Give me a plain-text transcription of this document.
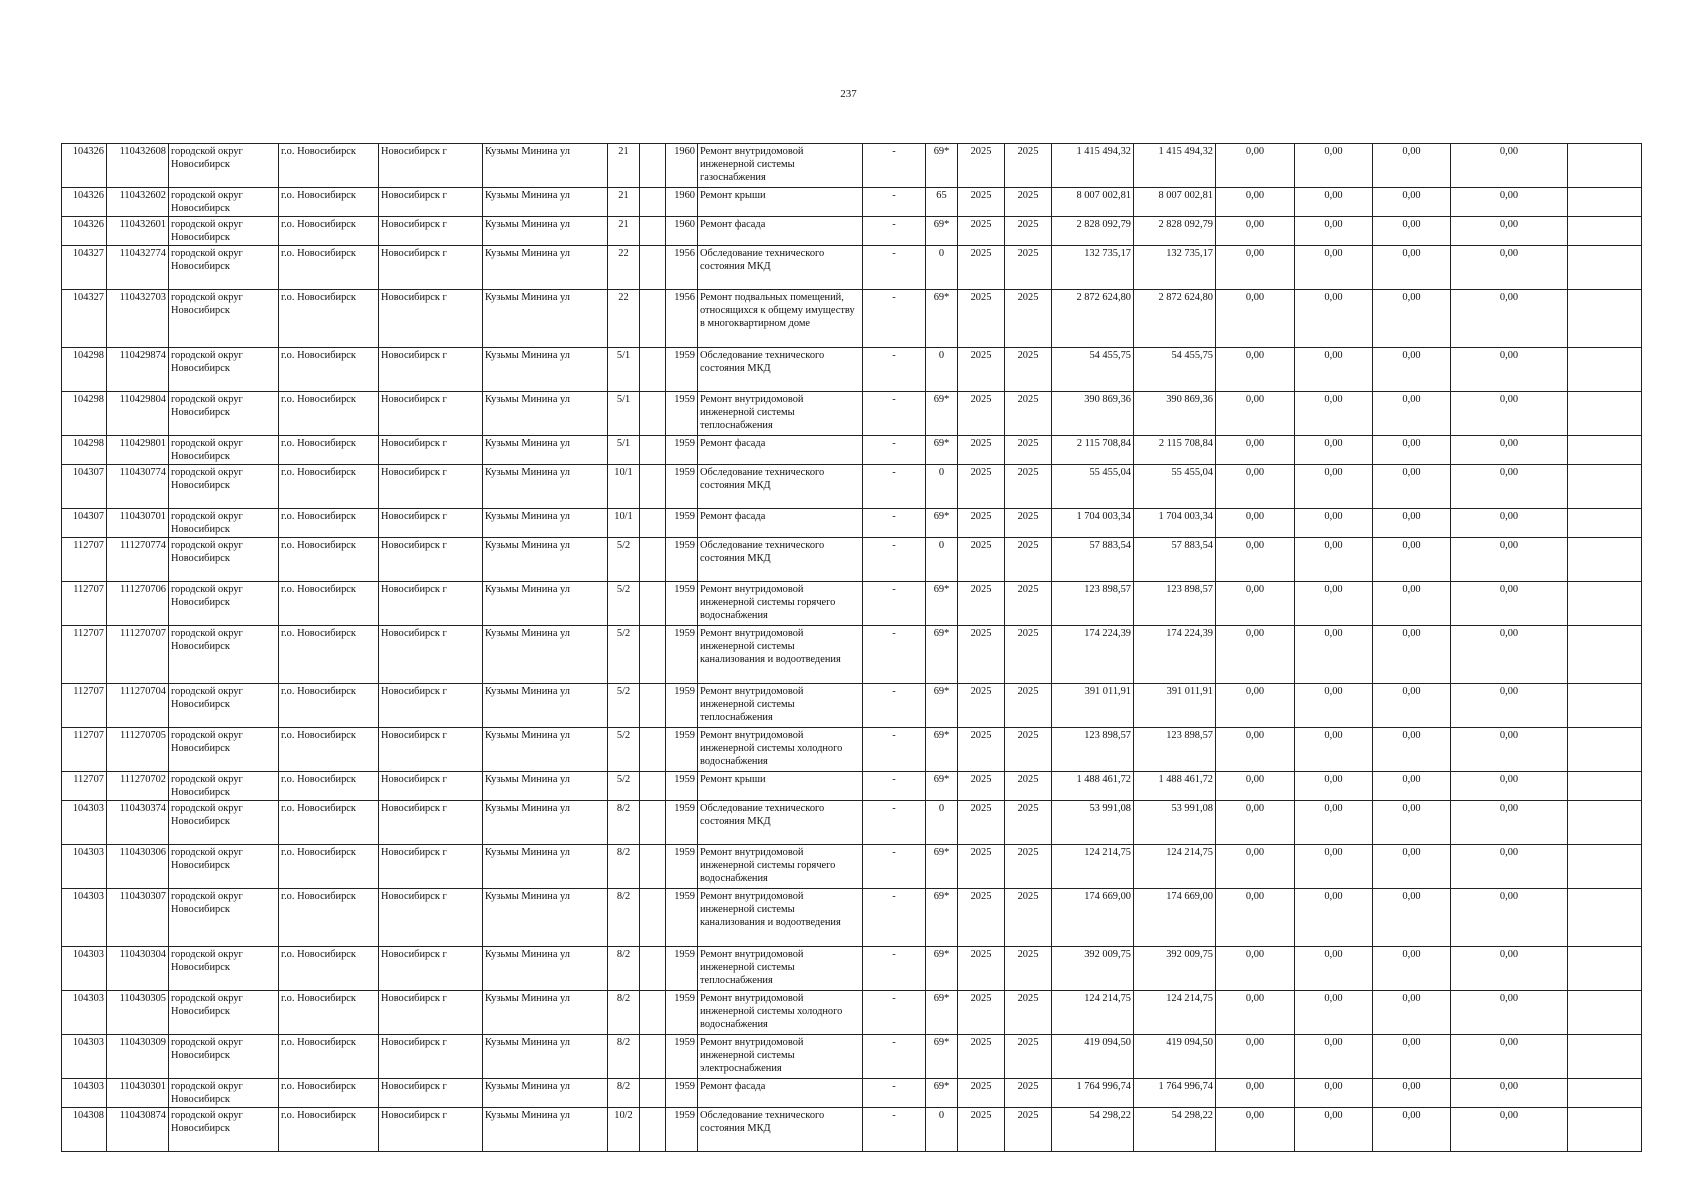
237
104326	110432608	городской округ Новосибирск	г.о. Новосибирск	Новосибирск г	Кузьмы Минина ул	21		1960	Ремонт внутридомовой инженерной системы газоснабжения	-	69*	2025	2025	1 415 494,32	1 415 494,32	0,00	0,00	0,00	0,00	
104326	110432602	городской округ Новосибирск	г.о. Новосибирск	Новосибирск г	Кузьмы Минина ул	21		1960	Ремонт крыши	-	65	2025	2025	8 007 002,81	8 007 002,81	0,00	0,00	0,00	0,00	
104326	110432601	городской округ Новосибирск	г.о. Новосибирск	Новосибирск г	Кузьмы Минина ул	21		1960	Ремонт фасада	-	69*	2025	2025	2 828 092,79	2 828 092,79	0,00	0,00	0,00	0,00	
104327	110432774	городской округ Новосибирск	г.о. Новосибирск	Новосибирск г	Кузьмы Минина ул	22		1956	Обследование технического состояния МКД	-	0	2025	2025	132 735,17	132 735,17	0,00	0,00	0,00	0,00	
104327	110432703	городской округ Новосибирск	г.о. Новосибирск	Новосибирск г	Кузьмы Минина ул	22		1956	Ремонт подвальных помещений, относящихся к общему имуществу в многоквартирном доме	-	69*	2025	2025	2 872 624,80	2 872 624,80	0,00	0,00	0,00	0,00	
104298	110429874	городской округ Новосибирск	г.о. Новосибирск	Новосибирск г	Кузьмы Минина ул	5/1		1959	Обследование технического состояния МКД	-	0	2025	2025	54 455,75	54 455,75	0,00	0,00	0,00	0,00	
104298	110429804	городской округ Новосибирск	г.о. Новосибирск	Новосибирск г	Кузьмы Минина ул	5/1		1959	Ремонт внутридомовой инженерной системы теплоснабжения	-	69*	2025	2025	390 869,36	390 869,36	0,00	0,00	0,00	0,00	
104298	110429801	городской округ Новосибирск	г.о. Новосибирск	Новосибирск г	Кузьмы Минина ул	5/1		1959	Ремонт фасада	-	69*	2025	2025	2 115 708,84	2 115 708,84	0,00	0,00	0,00	0,00	
104307	110430774	городской округ Новосибирск	г.о. Новосибирск	Новосибирск г	Кузьмы Минина ул	10/1		1959	Обследование технического состояния МКД	-	0	2025	2025	55 455,04	55 455,04	0,00	0,00	0,00	0,00	
104307	110430701	городской округ Новосибирск	г.о. Новосибирск	Новосибирск г	Кузьмы Минина ул	10/1		1959	Ремонт фасада	-	69*	2025	2025	1 704 003,34	1 704 003,34	0,00	0,00	0,00	0,00	
112707	111270774	городской округ Новосибирск	г.о. Новосибирск	Новосибирск г	Кузьмы Минина ул	5/2		1959	Обследование технического состояния МКД	-	0	2025	2025	57 883,54	57 883,54	0,00	0,00	0,00	0,00	
112707	111270706	городской округ Новосибирск	г.о. Новосибирск	Новосибирск г	Кузьмы Минина ул	5/2		1959	Ремонт внутридомовой инженерной системы горячего водоснабжения	-	69*	2025	2025	123 898,57	123 898,57	0,00	0,00	0,00	0,00	
112707	111270707	городской округ Новосибирск	г.о. Новосибирск	Новосибирск г	Кузьмы Минина ул	5/2		1959	Ремонт внутридомовой инженерной системы канализования и водоотведения	-	69*	2025	2025	174 224,39	174 224,39	0,00	0,00	0,00	0,00	
112707	111270704	городской округ Новосибирск	г.о. Новосибирск	Новосибирск г	Кузьмы Минина ул	5/2		1959	Ремонт внутридомовой инженерной системы теплоснабжения	-	69*	2025	2025	391 011,91	391 011,91	0,00	0,00	0,00	0,00	
112707	111270705	городской округ Новосибирск	г.о. Новосибирск	Новосибирск г	Кузьмы Минина ул	5/2		1959	Ремонт внутридомовой инженерной системы холодного водоснабжения	-	69*	2025	2025	123 898,57	123 898,57	0,00	0,00	0,00	0,00	
112707	111270702	городской округ Новосибирск	г.о. Новосибирск	Новосибирск г	Кузьмы Минина ул	5/2		1959	Ремонт крыши	-	69*	2025	2025	1 488 461,72	1 488 461,72	0,00	0,00	0,00	0,00	
104303	110430374	городской округ Новосибирск	г.о. Новосибирск	Новосибирск г	Кузьмы Минина ул	8/2		1959	Обследование технического состояния МКД	-	0	2025	2025	53 991,08	53 991,08	0,00	0,00	0,00	0,00	
104303	110430306	городской округ Новосибирск	г.о. Новосибирск	Новосибирск г	Кузьмы Минина ул	8/2		1959	Ремонт внутридомовой инженерной системы горячего водоснабжения	-	69*	2025	2025	124 214,75	124 214,75	0,00	0,00	0,00	0,00	
104303	110430307	городской округ Новосибирск	г.о. Новосибирск	Новосибирск г	Кузьмы Минина ул	8/2		1959	Ремонт внутридомовой инженерной системы канализования и водоотведения	-	69*	2025	2025	174 669,00	174 669,00	0,00	0,00	0,00	0,00	
104303	110430304	городской округ Новосибирск	г.о. Новосибирск	Новосибирск г	Кузьмы Минина ул	8/2		1959	Ремонт внутридомовой инженерной системы теплоснабжения	-	69*	2025	2025	392 009,75	392 009,75	0,00	0,00	0,00	0,00	
104303	110430305	городской округ Новосибирск	г.о. Новосибирск	Новосибирск г	Кузьмы Минина ул	8/2		1959	Ремонт внутридомовой инженерной системы холодного водоснабжения	-	69*	2025	2025	124 214,75	124 214,75	0,00	0,00	0,00	0,00	
104303	110430309	городской округ Новосибирск	г.о. Новосибирск	Новосибирск г	Кузьмы Минина ул	8/2		1959	Ремонт внутридомовой инженерной системы электроснабжения	-	69*	2025	2025	419 094,50	419 094,50	0,00	0,00	0,00	0,00	
104303	110430301	городской округ Новосибирск	г.о. Новосибирск	Новосибирск г	Кузьмы Минина ул	8/2		1959	Ремонт фасада	-	69*	2025	2025	1 764 996,74	1 764 996,74	0,00	0,00	0,00	0,00	
104308	110430874	городской округ Новосибирск	г.о. Новосибирск	Новосибирск г	Кузьмы Минина ул	10/2		1959	Обследование технического состояния МКД	-	0	2025	2025	54 298,22	54 298,22	0,00	0,00	0,00	0,00	
